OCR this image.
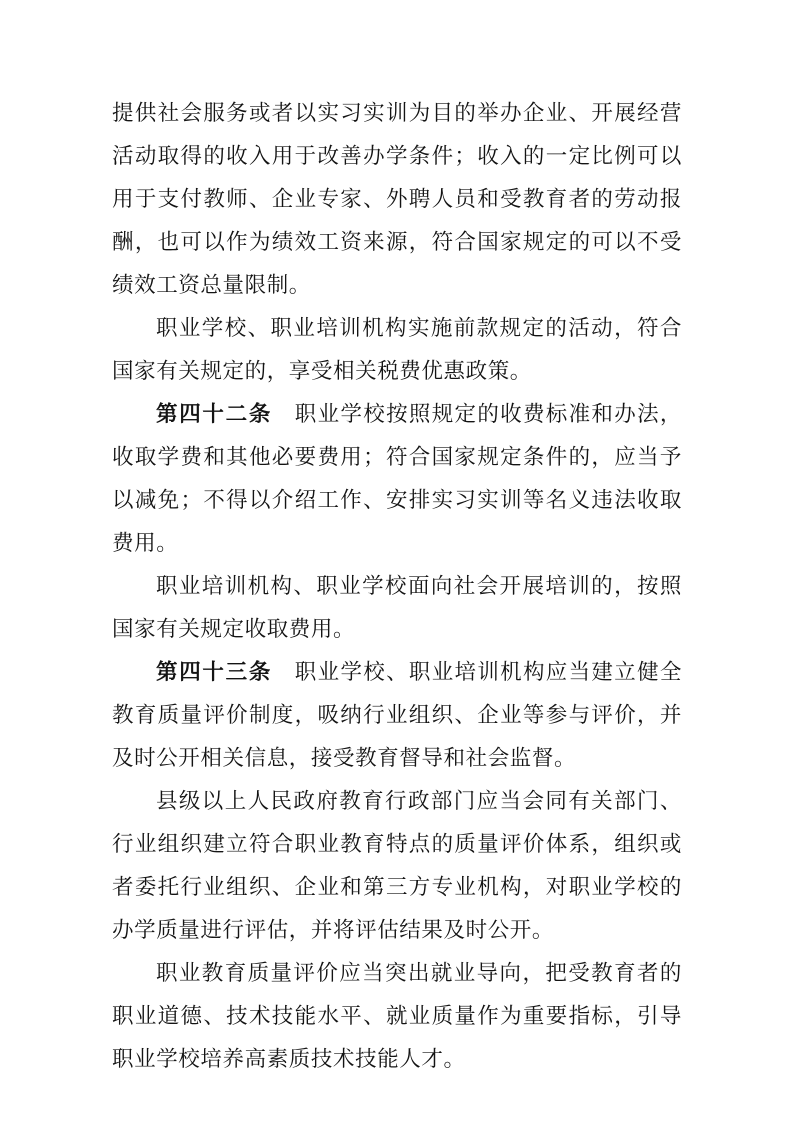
提供社会服务或者以实习实训为目的举办企业、开展经营活动取得的收入用于改善办学条件；收入的一定比例可以用于支付教师、企业专家、外聘人员和受教育者的劳动报酬，也可以作为绩效工资来源，符合国家规定的可以不受绩效工资总量限制。

职业学校、职业培训机构实施前款规定的活动，符合国家有关规定的，享受相关税费优惠政策。

第四十二条 职业学校按照规定的收费标准和办法，收取学费和其他必要费用；符合国家规定条件的，应当予以减免；不得以介绍工作、安排实习实训等名义违法收取费用。

职业培训机构、职业学校面向社会开展培训的，按照国家有关规定收取费用。

第四十三条 职业学校、职业培训机构应当建立健全教育质量评价制度，吸纳行业组织、企业等参与评价，并及时公开相关信息，接受教育督导和社会监督。

县级以上人民政府教育行政部门应当会同有关部门、行业组织建立符合职业教育特点的质量评价体系，组织或者委托行业组织、企业和第三方专业机构，对职业学校的办学质量进行评估，并将评估结果及时公开。

职业教育质量评价应当突出就业导向，把受教育者的职业道德、技术技能水平、就业质量作为重要指标，引导职业学校培养高素质技术技能人才。
